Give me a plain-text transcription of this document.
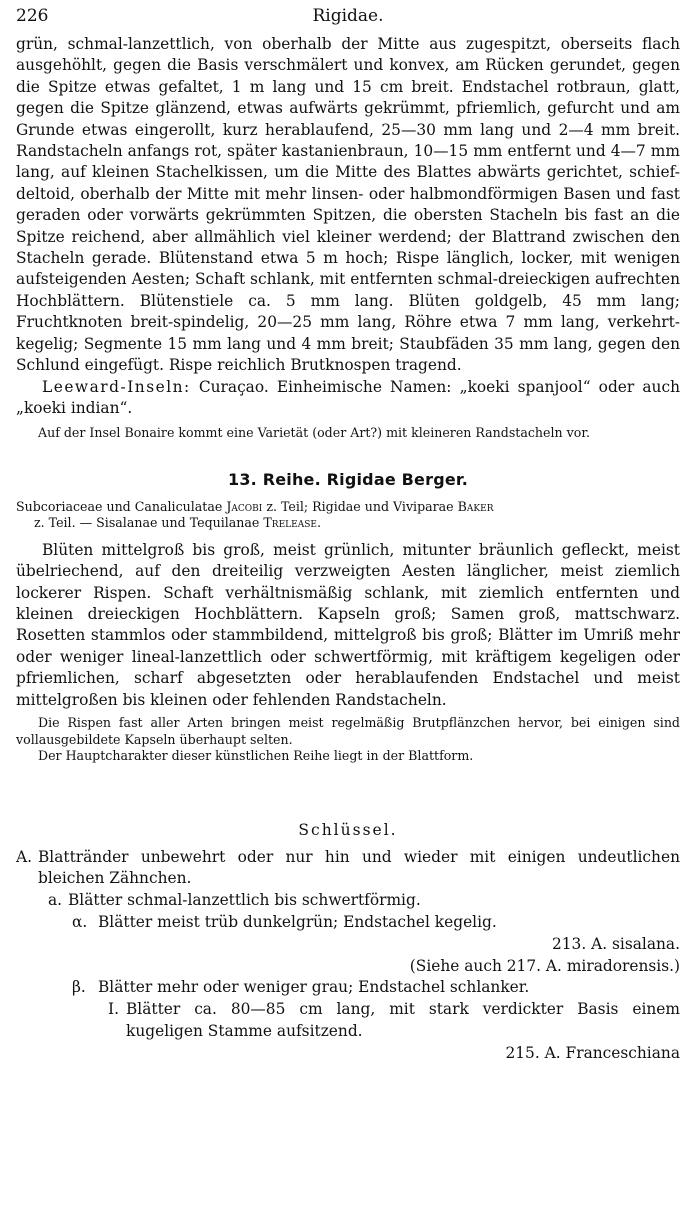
226	Rigidae.

grün, schmal-lanzettlich, von oberhalb der Mitte aus zugespitzt, oberseits flach ausgehöhlt, gegen die Basis verschmälert und konvex, am Rücken gerundet, gegen die Spitze etwas gefaltet, 1 m lang und 15 cm breit. Endstachel rotbraun, glatt, gegen die Spitze glänzend, etwas aufwärts gekrümmt, pfriemlich, gefurcht und am Grunde etwas eingerollt, kurz herablaufend, 25—30 mm lang und 2—4 mm breit. Randstacheln anfangs rot, später kastanienbraun, 10—15 mm entfernt und 4—7 mm lang, auf kleinen Stachelkissen, um die Mitte des Blattes abwärts gerichtet, schief-deltoid, oberhalb der Mitte mit mehr linsen- oder halbmondförmigen Basen und fast geraden oder vorwärts gekrümmten Spitzen, die obersten Stacheln bis fast an die Spitze reichend, aber allmählich viel kleiner werdend; der Blattrand zwischen den Stacheln gerade. Blütenstand etwa 5 m hoch; Rispe länglich, locker, mit wenigen aufsteigenden Aesten; Schaft schlank, mit entfernten schmal-dreieckigen aufrechten Hochblättern. Blütenstiele ca. 5 mm lang. Blüten goldgelb, 45 mm lang; Fruchtknoten breit-spindelig, 20—25 mm lang, Röhre etwa 7 mm lang, verkehrt-kegelig; Segmente 15 mm lang und 4 mm breit; Staubfäden 35 mm lang, gegen den Schlund eingefügt. Rispe reichlich Brutknospen tragend.

Leeward-Inseln: Curaçao. Einheimische Namen: „koeki spanjool“ oder auch „koeki indian“.

Auf der Insel Bonaire kommt eine Varietät (oder Art?) mit kleineren Randstacheln vor.

13. Reihe. Rigidae Berger.

Subcoriaceae und Canaliculatae Jacobi z. Teil; Rigidae und Viviparae Baker
z. Teil. — Sisalanae und Tequilanae Trelease.

Blüten mittelgroß bis groß, meist grünlich, mitunter bräunlich gefleckt, meist übelriechend, auf den dreiteilig verzweigten Aesten länglicher, meist ziemlich lockerer Rispen. Schaft verhältnismäßig schlank, mit ziemlich entfernten und kleinen dreieckigen Hochblättern. Kapseln groß; Samen groß, mattschwarz. Rosetten stammlos oder stammbildend, mittelgroß bis groß; Blätter im Umriß mehr oder weniger lineal-lanzettlich oder schwertförmig, mit kräftigem kegeligen oder pfriemlichen, scharf abgesetzten oder herablaufenden Endstachel und meist mittelgroßen bis kleinen oder fehlenden Randstacheln.

Die Rispen fast aller Arten bringen meist regelmäßig Brutpflänzchen hervor, bei einigen sind vollausgebildete Kapseln überhaupt selten.

Der Hauptcharakter dieser künstlichen Reihe liegt in der Blattform.

Schlüssel.
A. Blattränder unbewehrt oder nur hin und wieder mit einigen undeutlichen bleichen Zähnchen.
a. Blätter schmal-lanzettlich bis schwertförmig.
α. Blätter meist trüb dunkelgrün; Endstachel kegelig.
213. A. sisalana.
(Siehe auch 217. A. miradorensis.)
β. Blätter mehr oder weniger grau; Endstachel schlanker.
I. Blätter ca. 80—85 cm lang, mit stark verdickter Basis einem kugeligen Stamme aufsitzend.
215. A. Franceschiana
